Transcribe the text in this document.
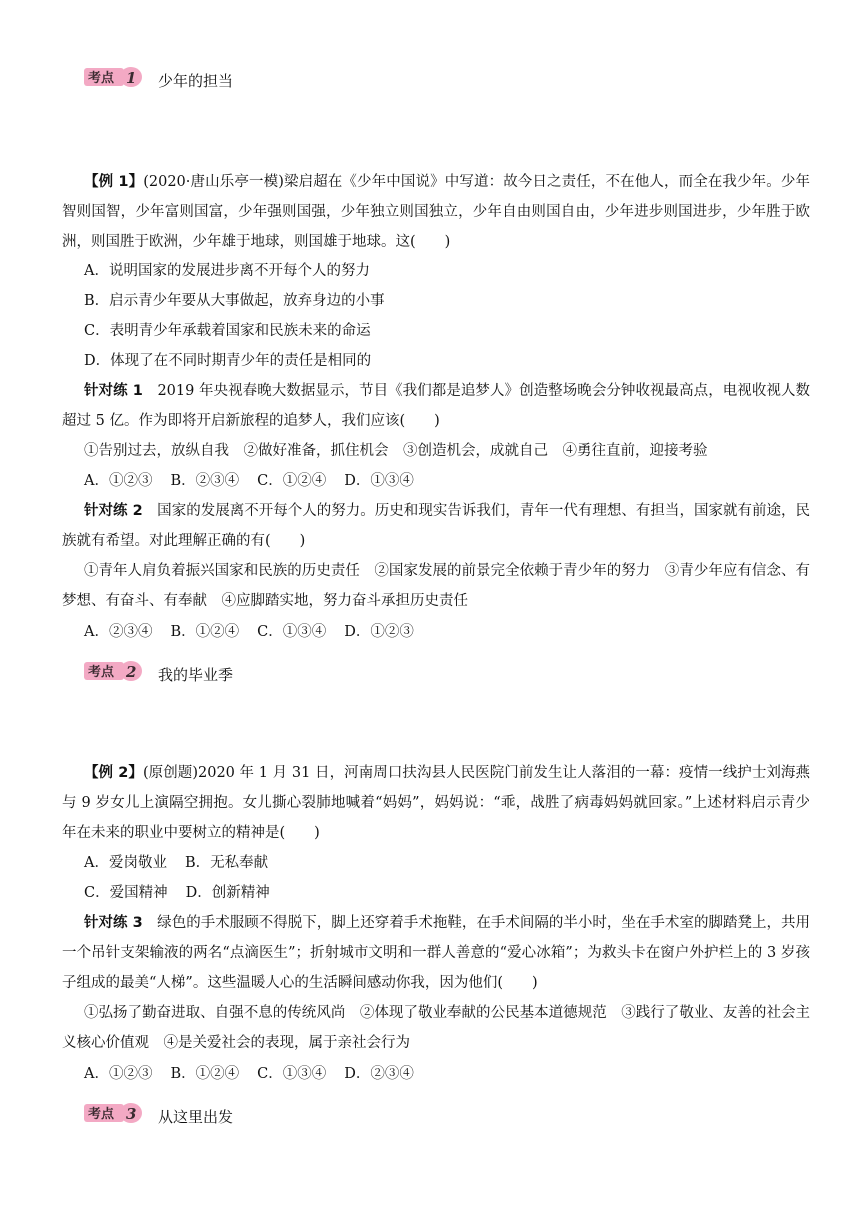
考点 1 少年的担当
【例 1】(2020·唐山乐亭一模)梁启超在《少年中国说》中写道：故今日之责任，不在他人，而全在我少年。少年智则国智，少年富则国富，少年强则国强，少年独立则国独立，少年自由则国自由，少年进步则国进步，少年胜于欧洲，则国胜于欧洲，少年雄于地球，则国雄于地球。这(　　)
A．说明国家的发展进步离不开每个人的努力
B．启示青少年要从大事做起，放弃身边的小事
C．表明青少年承载着国家和民族未来的命运
D．体现了在不同时期青少年的责任是相同的
针对练 1　2019 年央视春晚大数据显示，节目《我们都是追梦人》创造整场晚会分钟收视最高点，电视收视人数超过 5 亿。作为即将开启新旅程的追梦人，我们应该(　　)
①告别过去，放纵自我　②做好准备，抓住机会　③创造机会，成就自己　④勇往直前，迎接考验
A．①②③ B．②③④ C．①②④ D．①③④
针对练 2　国家的发展离不开每个人的努力。历史和现实告诉我们，青年一代有理想、有担当，国家就有前途，民族就有希望。对此理解正确的有(　　)
①青年人肩负着振兴国家和民族的历史责任　②国家发展的前景完全依赖于青少年的努力　③青少年应有信念、有梦想、有奋斗、有奉献　④应脚踏实地，努力奋斗承担历史责任
A．②③④ B．①②④ C．①③④ D．①②③
考点 2 我的毕业季
【例 2】(原创题)2020 年 1 月 31 日，河南周口扶沟县人民医院门前发生让人落泪的一幕：疫情一线护士刘海燕与 9 岁女儿上演隔空拥抱。女儿撕心裂肺地喊着“妈妈”，妈妈说：“乖，战胜了病毒妈妈就回家。”上述材料启示青少年在未来的职业中要树立的精神是(　　)
A．爱岗敬业 B．无私奉献
C．爱国精神 D．创新精神
针对练 3　绿色的手术服顾不得脱下，脚上还穿着手术拖鞋，在手术间隔的半小时，坐在手术室的脚踏凳上，共用一个吊针支架输液的两名“点滴医生”；折射城市文明和一群人善意的“爱心冰箱”；为救头卡在窗户外护栏上的 3 岁孩子组成的最美“人梯”。这些温暖人心的生活瞬间感动你我，因为他们(　　)
①弘扬了勤奋进取、自强不息的传统风尚　②体现了敬业奉献的公民基本道德规范　③践行了敬业、友善的社会主义核心价值观　④是关爱社会的表现，属于亲社会行为
A．①②③ B．①②④ C．①③④ D．②③④
考点 3 从这里出发
